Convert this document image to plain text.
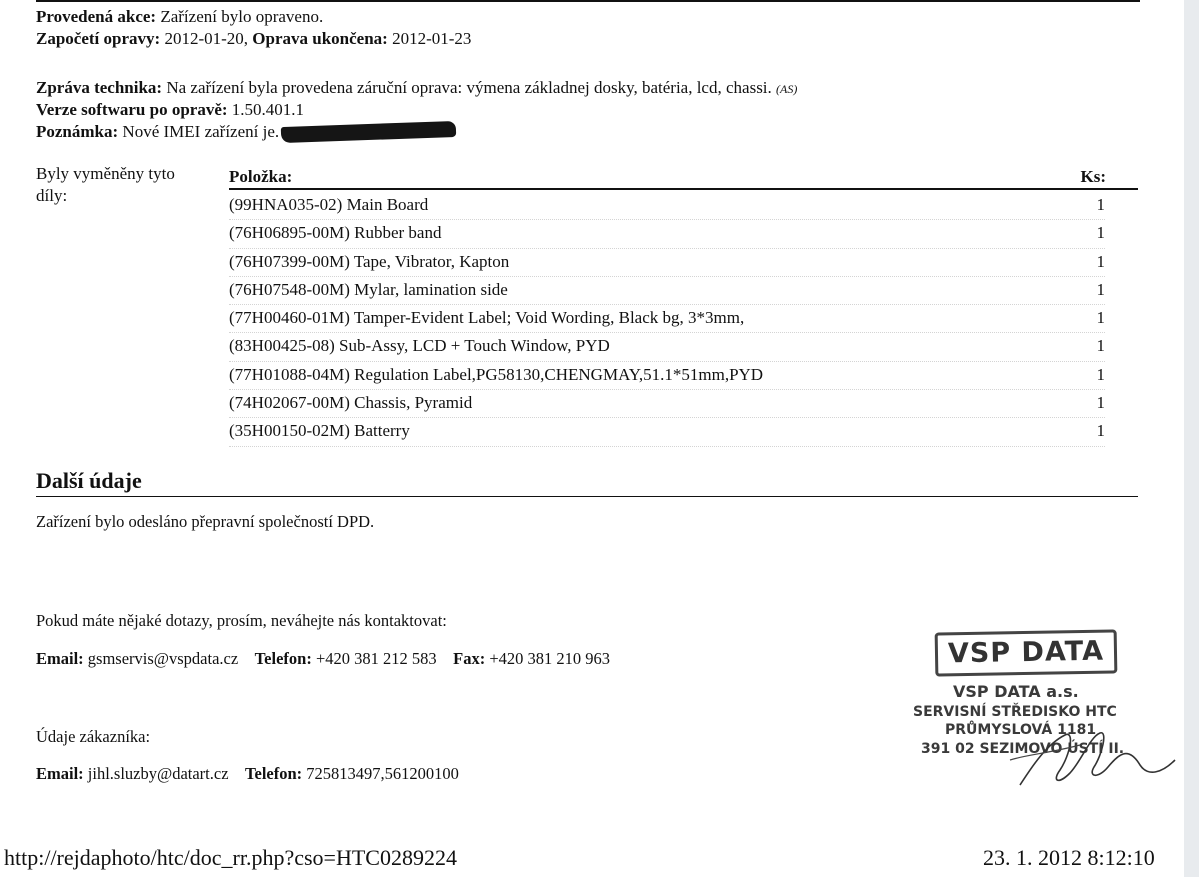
Provedená akce: Zařízení bylo opraveno.
Započetí opravy: 2012-01-20, Oprava ukončena: 2012-01-23
Zpráva technika: Na zařízení byla provedena záruční oprava: výmena základnej dosky, batéria, lcd, chassi. (AS)
Verze softwaru po opravě: 1.50.401.1
Poznámka: Nové IMEI zařízení je.
Byly vyměněny tyto díly:
Položka:	Ks:
(99HNA035-02) Main Board	1
(76H06895-00M) Rubber band	1
(76H07399-00M) Tape, Vibrator, Kapton	1
(76H07548-00M) Mylar, lamination side	1
(77H00460-01M) Tamper-Evident Label; Void Wording, Black bg, 3*3mm,	1
(83H00425-08) Sub-Assy, LCD + Touch Window, PYD	1
(77H01088-04M) Regulation Label,PG58130,CHENGMAY,51.1*51mm,PYD	1
(74H02067-00M) Chassis, Pyramid	1
(35H00150-02M) Batterry	1
Další údaje
Zařízení bylo odesláno přepravní společností DPD.
Pokud máte nějaké dotazy, prosím, neváhejte nás kontaktovat:
Email: gsmservis@vspdata.cz Telefon: +420 381 212 583 Fax: +420 381 210 963
Údaje zákazníka:
Email: jihl.sluzby@datart.cz Telefon: 725813497,561200100
VSP DATA
VSP DATA a.s.
SERVISNÍ STŘEDISKO HTC
PRŮMYSLOVÁ 1181
391 02 SEZIMOVO ÚSTÍ II.
http://rejdaphoto/htc/doc_rr.php?cso=HTC0289224	23. 1. 2012 8:12:10
